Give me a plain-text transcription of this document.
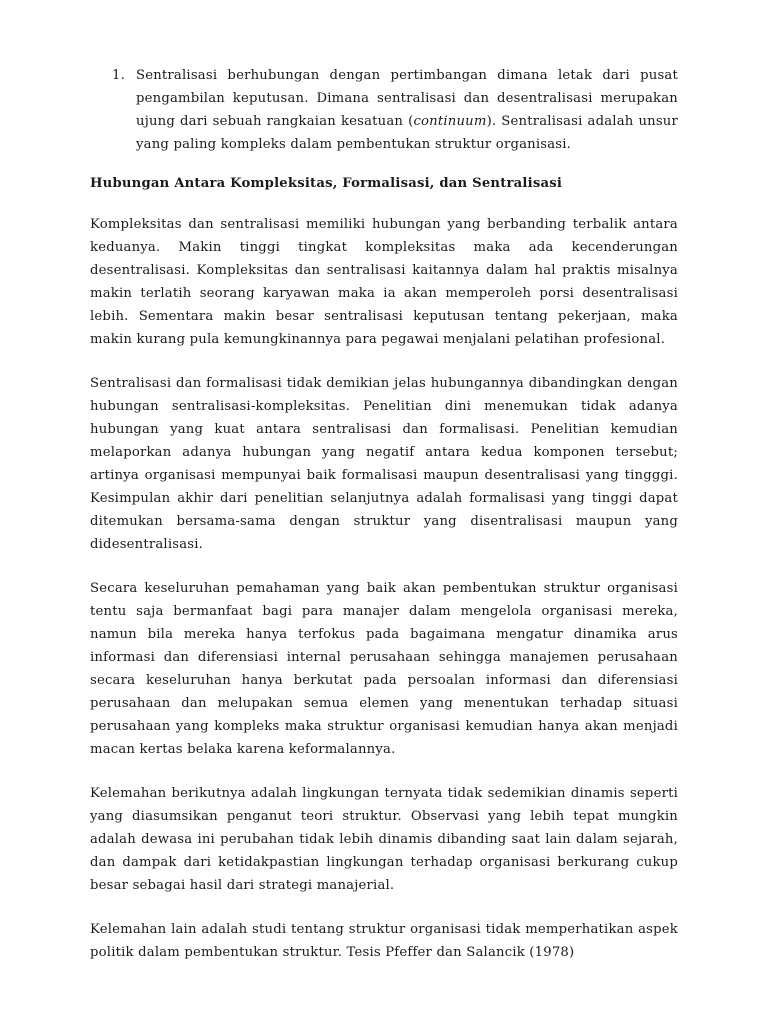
1. Sentralisasi berhubungan dengan pertimbangan dimana letak dari pusat pengambilan keputusan. Dimana sentralisasi dan desentralisasi merupakan ujung dari sebuah rangkaian kesatuan (continuum). Sentralisasi adalah unsur yang paling kompleks dalam pembentukan struktur organisasi.
Hubungan Antara Kompleksitas, Formalisasi, dan Sentralisasi

Kompleksitas dan sentralisasi memiliki hubungan yang berbanding terbalik antara keduanya. Makin tinggi tingkat kompleksitas maka ada kecenderungan desentralisasi. Kompleksitas dan sentralisasi kaitannya dalam hal praktis misalnya makin terlatih seorang karyawan maka ia akan memperoleh porsi desentralisasi lebih. Sementara makin besar sentralisasi keputusan tentang pekerjaan, maka makin kurang pula kemungkinannya para pegawai menjalani pelatihan profesional.

Sentralisasi dan formalisasi tidak demikian jelas hubungannya dibandingkan dengan hubungan sentralisasi-kompleksitas. Penelitian dini menemukan tidak adanya hubungan yang kuat antara sentralisasi dan formalisasi. Penelitian kemudian melaporkan adanya hubungan yang negatif antara kedua komponen tersebut; artinya organisasi mempunyai baik formalisasi maupun desentralisasi yang tingggi. Kesimpulan akhir dari penelitian selanjutnya adalah formalisasi yang tinggi dapat ditemukan bersama-sama dengan struktur yang disentralisasi maupun yang didesentralisasi.

Secara keseluruhan pemahaman yang baik akan pembentukan struktur organisasi tentu saja bermanfaat bagi para manajer dalam mengelola organisasi mereka, namun bila mereka hanya terfokus pada bagaimana mengatur dinamika arus informasi dan diferensiasi internal perusahaan sehingga manajemen perusahaan secara keseluruhan hanya berkutat pada persoalan informasi dan diferensiasi perusahaan dan melupakan semua elemen yang menentukan terhadap situasi perusahaan yang kompleks maka struktur organisasi kemudian hanya akan menjadi macan kertas belaka karena keformalannya.

Kelemahan berikutnya adalah lingkungan ternyata tidak sedemikian dinamis seperti yang diasumsikan penganut teori struktur. Observasi yang lebih tepat mungkin adalah dewasa ini perubahan tidak lebih dinamis dibanding saat lain dalam sejarah, dan dampak dari ketidakpastian lingkungan terhadap organisasi berkurang cukup besar sebagai hasil dari strategi manajerial.

Kelemahan lain adalah studi tentang struktur organisasi tidak memperhatikan aspek politik dalam pembentukan struktur. Tesis Pfeffer dan Salancik (1978)
